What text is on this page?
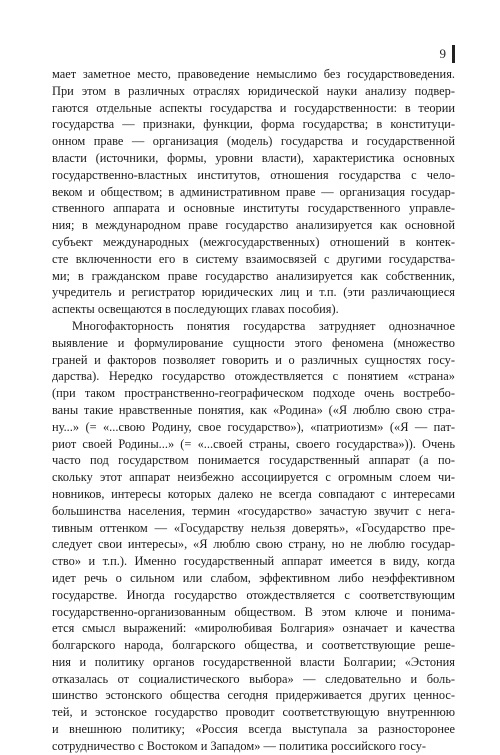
9
мает заметное место, правоведение немыслимо без государствоведения.
При этом в различных отраслях юридической науки анализу подвер-
гаются отдельные аспекты государства и государственности: в теории
государства — признаки, функции, форма государства; в конституци-
онном праве — организация (модель) государства и государственной
власти (источники, формы, уровни власти), характеристика основных
государственно-властных институтов, отношения государства с чело-
веком и обществом; в административном праве — организация государ-
ственного аппарата и основные институты государственного управле-
ния; в международном праве государство анализируется как основной
субъект международных (межгосударственных) отношений в контек-
сте включенности его в систему взаимосвязей с другими государства-
ми; в гражданском праве государство анализируется как собственник,
учредитель и регистратор юридических лиц и т.п. (эти различающиеся
аспекты освещаются в последующих главах пособия).
Многофакторность понятия государства затрудняет однозначное
выявление и формулирование сущности этого феномена (множество
граней и факторов позволяет говорить и о различных сущностях госу-
дарства). Нередко государство отождествляется с понятием «страна»
(при таком пространственно-географическом подходе очень востребо-
ваны такие нравственные понятия, как «Родина» («Я люблю свою стра-
ну...» (= «...свою Родину, свое государство»), «патриотизм» («Я — пат-
риот своей Родины...» (= «...своей страны, своего государства»)). Очень
часто под государством понимается государственный аппарат (а по-
скольку этот аппарат неизбежно ассоциируется с огромным слоем чи-
новников, интересы которых далеко не всегда совпадают с интересами
большинства населения, термин «государство» зачастую звучит с нега-
тивным оттенком — «Государству нельзя доверять», «Государство пре-
следует свои интересы», «Я люблю свою страну, но не люблю государ-
ство» и т.п.). Именно государственный аппарат имеется в виду, когда
идет речь о сильном или слабом, эффективном либо неэффективном
государстве. Иногда государство отождествляется с соответствующим
государственно-организованным обществом. В этом ключе и понима-
ется смысл выражений: «миролюбивая Болгария» означает и качества
болгарского народа, болгарского общества, и соответствующие реше-
ния и политику органов государственной власти Болгарии; «Эстония
отказалась от социалистического выбора» — следовательно и боль-
шинство эстонского общества сегодня придерживается других ценнос-
тей, и эстонское государство проводит соответствующую внутреннюю
и внешнюю политику; «Россия всегда выступала за разносторонее
сотрудничество с Востоком и Западом» — политика российского госу-
